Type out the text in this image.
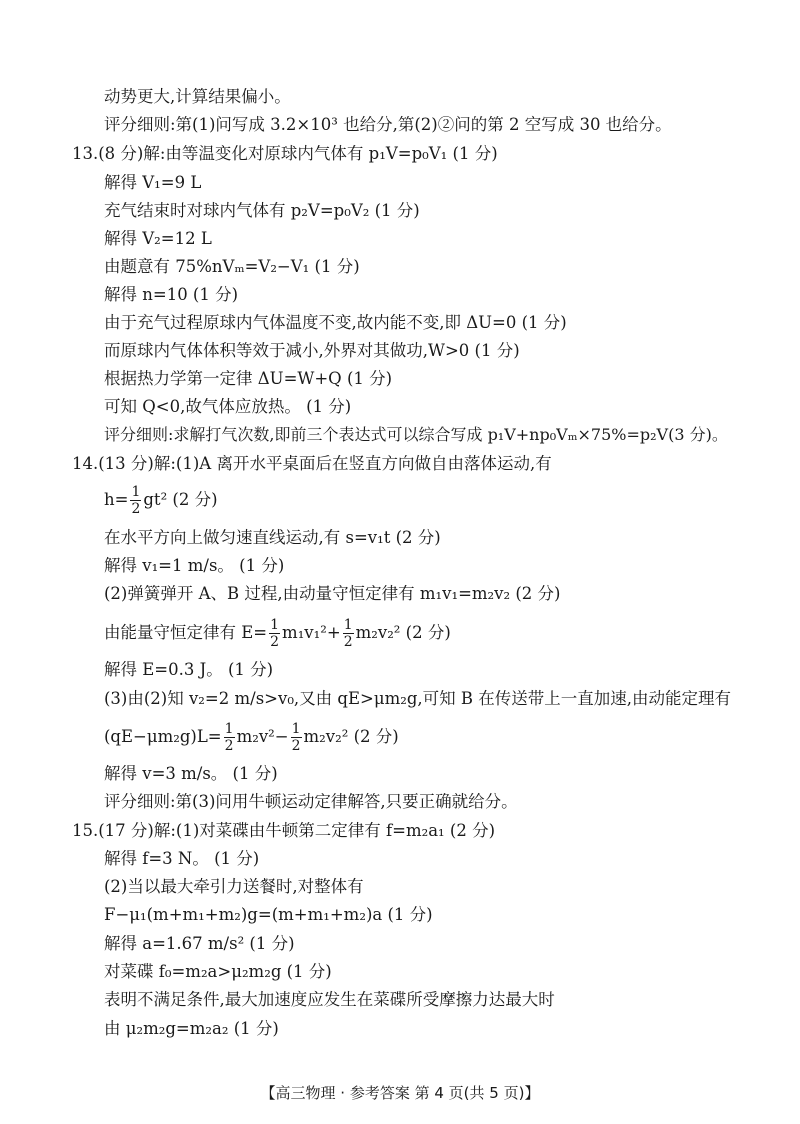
动势更大,计算结果偏小。
评分细则:第(1)问写成 3.2×10³ 也给分,第(2)②问的第 2 空写成 30 也给分。
13.(8 分)解:由等温变化对原球内气体有 p₁V=p₀V₁ (1 分)
解得 V₁=9 L
充气结束时对球内气体有 p₂V=p₀V₂ (1 分)
解得 V₂=12 L
由题意有 75%nVₘ=V₂−V₁ (1 分)
解得 n=10 (1 分)
由于充气过程原球内气体温度不变,故内能不变,即 ΔU=0 (1 分)
而原球内气体体积等效于减小,外界对其做功,W>0 (1 分)
根据热力学第一定律 ΔU=W+Q (1 分)
可知 Q<0,故气体应放热。 (1 分)
评分细则:求解打气次数,即前三个表达式可以综合写成 p₁V+np₀Vₘ×75%=p₂V(3 分)。
14.(13 分)解:(1)A 离开水平桌面后在竖直方向做自由落体运动,有
$h= \frac{1}{2} gt^2$ (2 分)
在水平方向上做匀速直线运动,有 s=v₁t (2 分)
解得 v₁=1 m/s。 (1 分)
(2)弹簧弹开 A、B 过程,由动量守恒定律有 m₁v₁=m₂v₂ (2 分)
由能量守恒定律有 $E= \frac{1}{2} m_1v_1^2+ \frac{1}{2} m_2v_2^2$ (2 分)
解得 E=0.3 J。 (1 分)
(3)由(2)知 v₂=2 m/s>v₀,又由 qE>μm₂g,可知 B 在传送带上一直加速,由动能定理有
$(qE-\mu m_2g)L= \frac{1}{2} m_2v^2- \frac{1}{2} m_2v_2^2$ (2 分)
解得 v=3 m/s。 (1 分)
评分细则:第(3)问用牛顿运动定律解答,只要正确就给分。
15.(17 分)解:(1)对菜碟由牛顿第二定律有 f=m₂a₁ (2 分)
解得 f=3 N。 (1 分)
(2)当以最大牵引力送餐时,对整体有
F−μ₁(m+m₁+m₂)g=(m+m₁+m₂)a (1 分)
解得 a=1.67 m/s² (1 分)
对菜碟 f₀=m₂a>μ₂m₂g (1 分)
表明不满足条件,最大加速度应发生在菜碟所受摩擦力达最大时
由 μ₂m₂g=m₂a₂ (1 分)
【高三物理 · 参考答案 第 4 页(共 5 页)】
